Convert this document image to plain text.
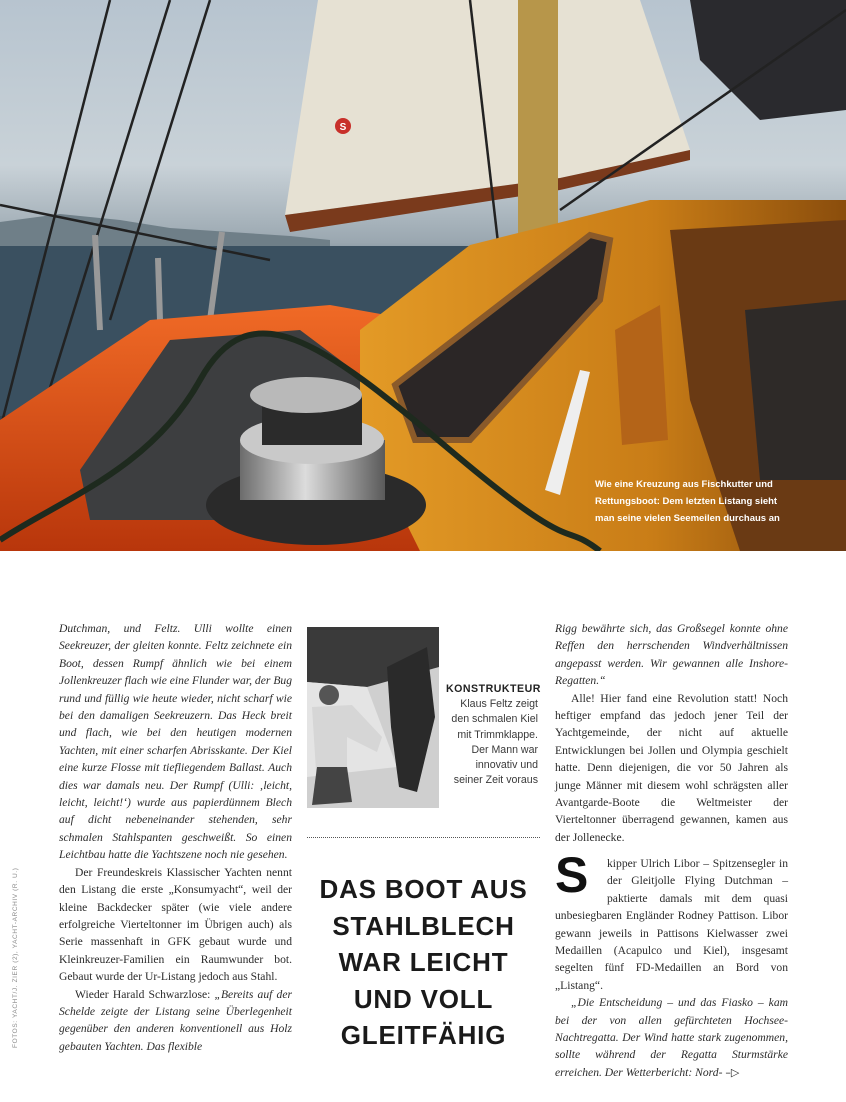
S
Wie eine Kreuzung aus Fischkutter und Rettungsboot: Dem letzten Listang sieht man seine vielen Seemeilen durchaus an
FOTOS: YACHT/J. ZIER (2), YACHT-ARCHIV (R. U.)

Dutchman, und Feltz. Ulli wollte einen Seekreuzer, der gleiten konnte. Feltz zeichnete ein Boot, dessen Rumpf ähnlich wie bei einem Jollenkreuzer flach wie eine Flunder war, der Bug rund und füllig wie heute wieder, nicht scharf wie bei den damaligen Seekreuzern. Das Heck breit und flach, wie bei den heutigen modernen Yachten, mit einer scharfen Abrisskante. Der Kiel eine kurze Flosse mit tiefliegendem Ballast. Auch dies war damals neu. Der Rumpf (Ulli: ‚leicht, leicht, leicht!‘) wurde aus papierdünnem Blech auf dicht nebeneinander stehenden, sehr schmalen Stahlspanten geschweißt. So einen Leichtbau hatte die Yachtszene noch nie gesehen.

Der Freundeskreis Klassischer Yachten nennt den Listang die erste „Konsumyacht“, weil der kleine Backdecker später (wie viele andere erfolgreiche Vierteltonner im Übrigen auch) als Serie massenhaft in GFK gebaut wurde und Kleinkreuzer-Familien ein Raumwunder bot. Gebaut wurde der Ur-Listang jedoch aus Stahl.

Wieder Harald Schwarzlose: „Bereits auf der Schelde zeigte der Listang seine Überlegenheit gegenüber den anderen konventionell aus Holz gebauten Yachten. Das flexible

KONSTRUKTEUR
Klaus Feltz zeigt den schmalen Kiel mit Trimmklappe. Der Mann war innovativ und seiner Zeit voraus
DAS BOOT AUS STAHLBLECH WAR LEICHT UND VOLL GLEITFÄHIG

Rigg bewährte sich, das Großsegel konnte ohne Reffen den herrschenden Windverhältnissen angepasst werden. Wir gewannen alle Inshore-Regatten.“

Alle! Hier fand eine Revolution statt! Noch heftiger empfand das jedoch jener Teil der Yachtgemeinde, der nicht auf aktuelle Entwicklungen bei Jollen und Olympia geschielt hatte. Denn diejenigen, die vor 50 Jahren als junge Männer mit diesem wohl schrägsten aller Avantgarde-Boote die Weltmeister der Vierteltonner überragend gewannen, kamen aus der Jollenecke.

S	kipper Ulrich Libor – Spitzensegler in der Gleitjolle Flying Dutchman – paktierte damals mit dem quasi unbesiegbaren Engländer Rodney Pattison. Libor gewann jeweils in Pattisons Kielwasser zwei Medaillen (Acapulco und Kiel), insgesamt segelten fünf FD-Medaillen an Bord von „Listang“.

„Die Entscheidung – und das Fiasko – kam bei der von allen gefürchteten Hochsee-Nachtregatta. Der Wind hatte stark zugenommen, sollte während der Regatta Sturmstärke erreichen. Der Wetterbericht: Nord- –▷
